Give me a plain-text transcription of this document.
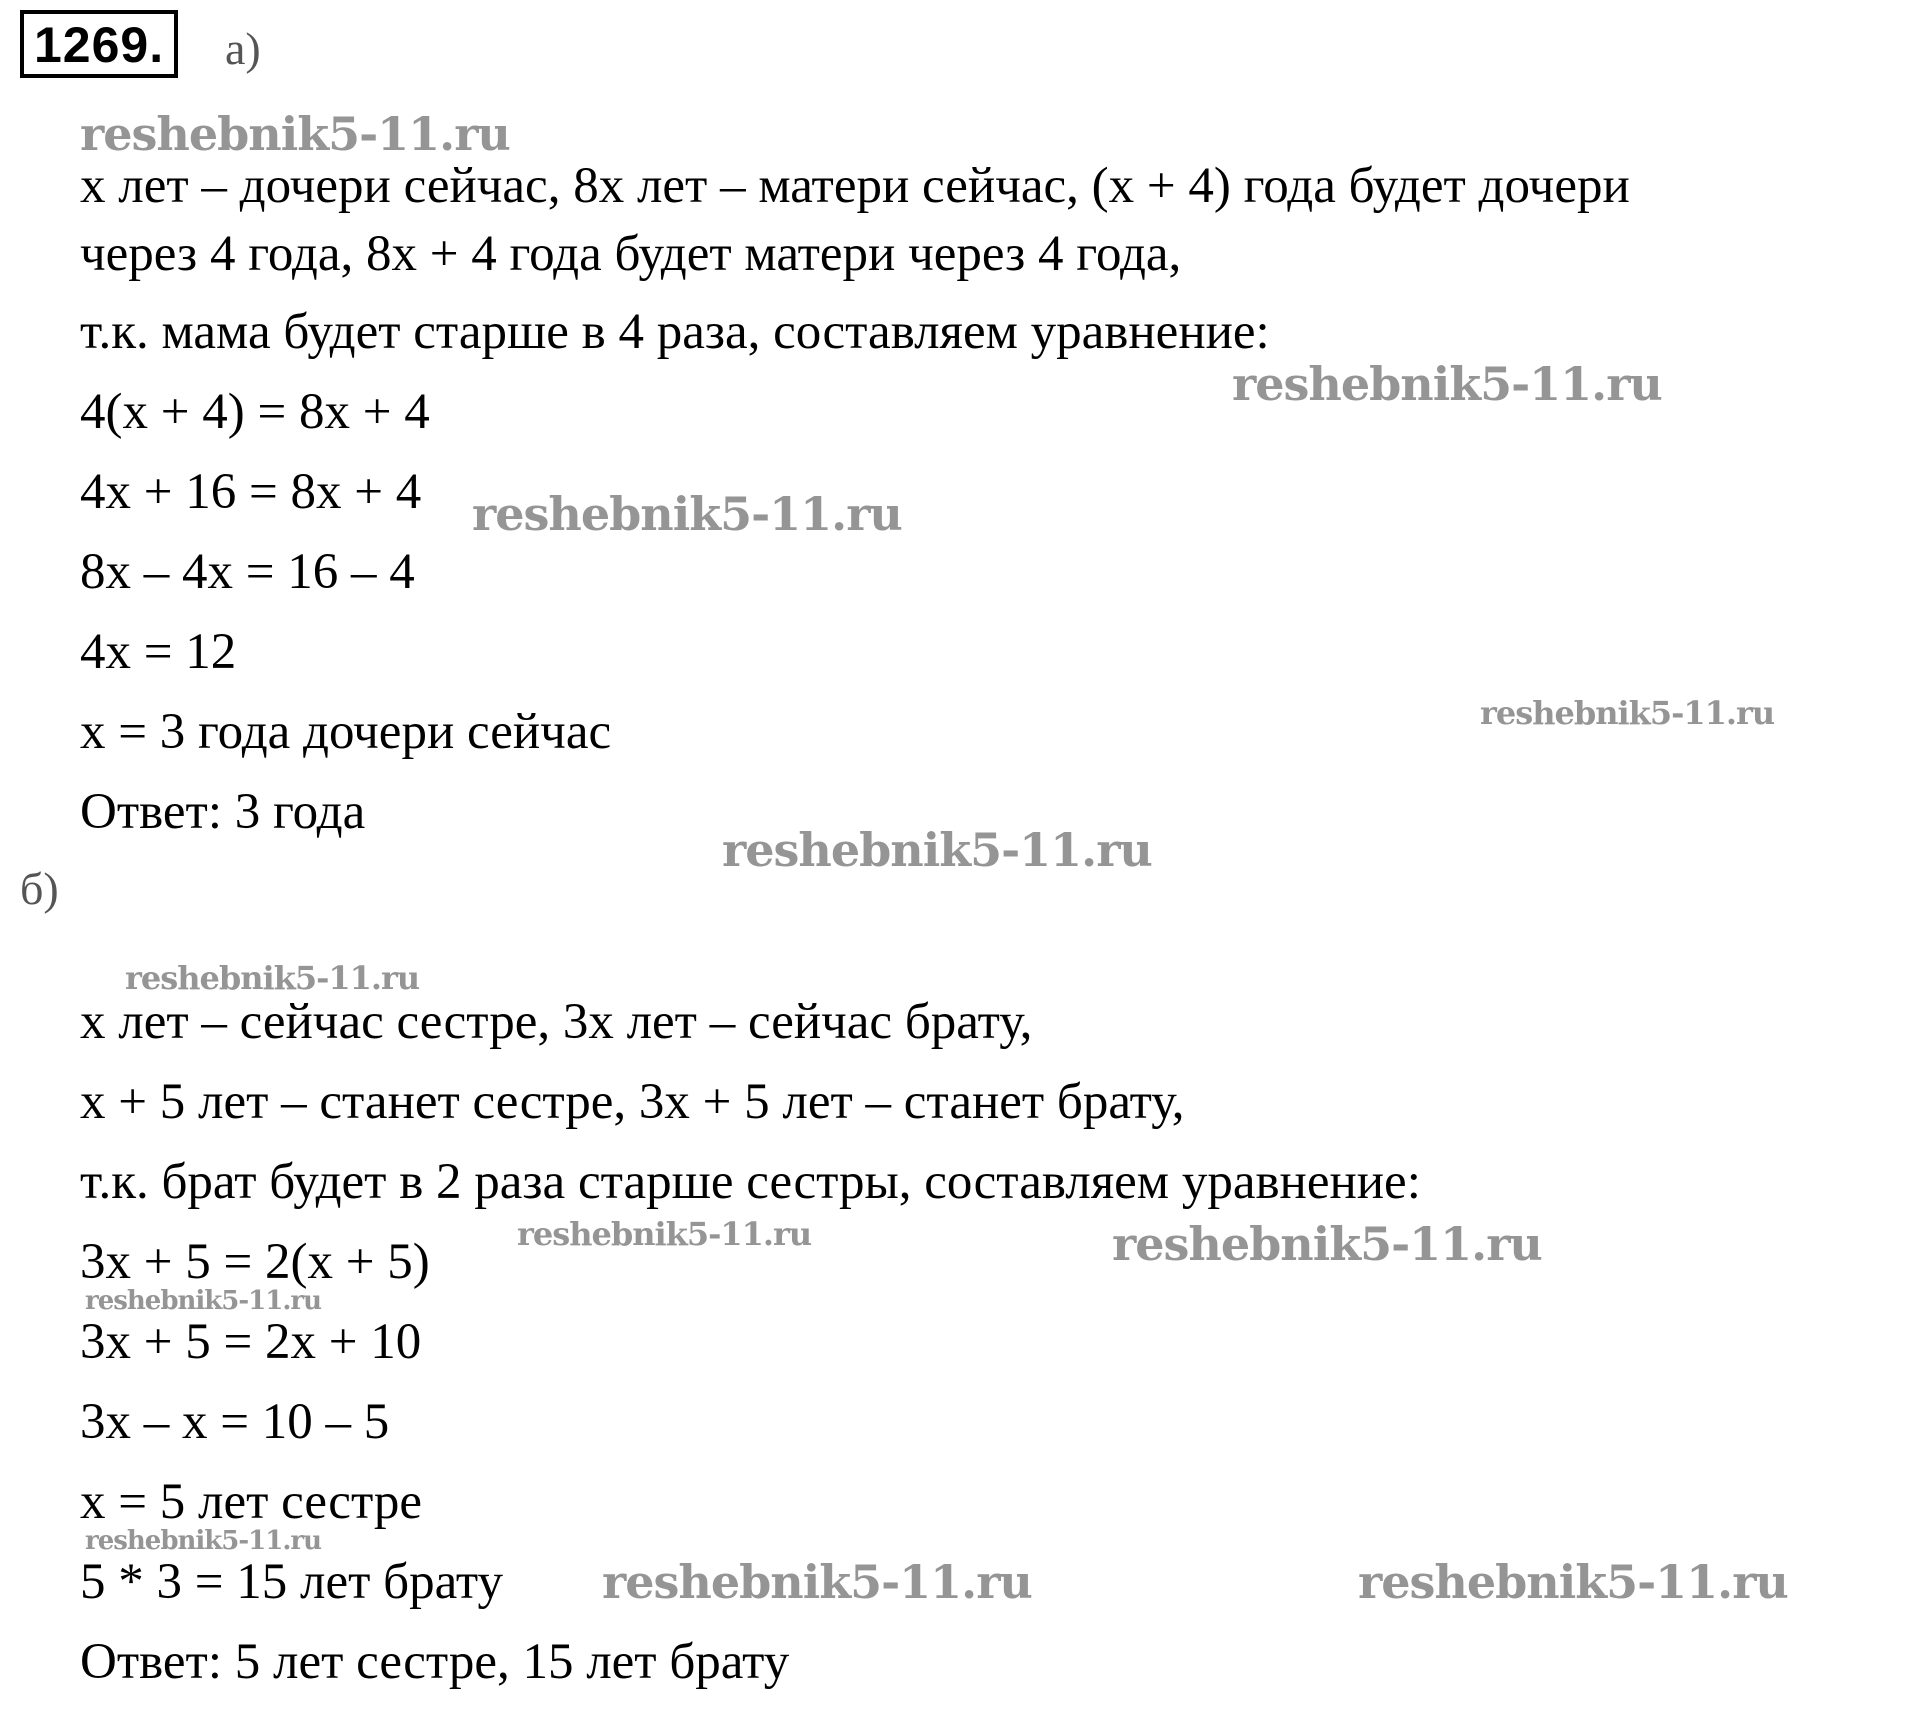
1269.	а)
x лет – дочери сейчас, 8x лет – матери сейчас, (x + 4) года будет дочери
через 4 года, 8x + 4 года будет матери через 4 года,
т.к. мама будет старше в 4 раза, составляем уравнение:
4(x + 4) = 8x + 4
4x + 16 = 8x + 4
8x – 4x = 16 – 4
4x = 12
x = 3 года дочери сейчас
Ответ: 3 года
б)
x лет – сейчас сестре, 3x лет – сейчас брату,
x + 5 лет – станет сестре, 3x + 5 лет – станет брату,
т.к. брат будет в 2 раза старше сестры, составляем уравнение:
3x + 5 = 2(x + 5)
3x + 5 = 2x + 10
3x – x = 10 – 5
x = 5 лет сестре
5 * 3 = 15 лет брату
Ответ: 5 лет сестре, 15 лет брату
reshebnik5-11.ru
reshebnik5-11.ru
reshebnik5-11.ru
reshebnik5-11.ru
reshebnik5-11.ru
reshebnik5-11.ru
reshebnik5-11.ru	reshebnik5-11.ru
reshebnik5-11.ru
reshebnik5-11.ru
reshebnik5-11.ru	reshebnik5-11.ru
